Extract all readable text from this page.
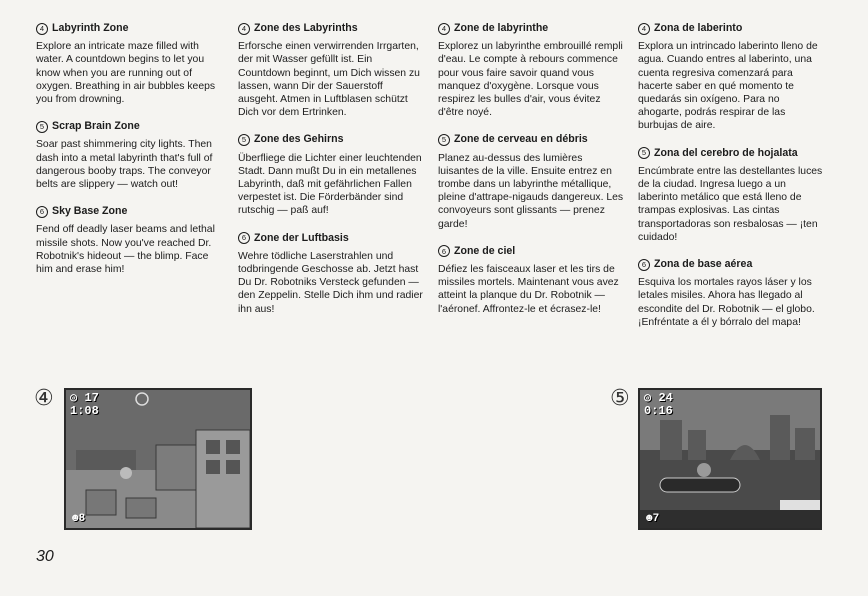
4 Labyrinth Zone

Explore an intricate maze filled with water. A countdown begins to let you know when you are running out of oxygen. Breathing in air bubbles keeps you from drowning.

5 Scrap Brain Zone

Soar past shimmering city lights. Then dash into a metal labyrinth that's full of dangerous booby traps. The conveyor belts are slippery — watch out!

6 Sky Base Zone

Fend off deadly laser beams and lethal missile shots. Now you've reached Dr. Robotnik's hideout — the blimp. Face him and erase him!

4 Zone des Labyrinths

Erforsche einen verwirrenden Irrgarten, der mit Wasser gefüllt ist. Ein Countdown beginnt, um Dich wissen zu lassen, wann Dir der Sauerstoff ausgeht. Atmen in Luftblasen schützt Dich vor dem Ertrinken.

5 Zone des Gehirns

Überfliege die Lichter einer leuchtenden Stadt. Dann mußt Du in ein metallenes Labyrinth, daß mit gefährlichen Fallen verpestet ist. Die Förderbänder sind rutschig — paß auf!

6 Zone der Luftbasis

Wehre tödliche Laserstrahlen und todbringende Geschosse ab. Jetzt hast Du Dr. Robotniks Versteck gefunden — den Zeppelin. Stelle Dich ihm und radier ihn aus!

4 Zone de labyrinthe

Explorez un labyrinthe embrouillé rempli d'eau. Le compte à rebours commence pour vous faire savoir quand vous manquez d'oxygène. Lorsque vous respirez les bulles d'air, vous évitez d'être noyé.

5 Zone de cerveau en débris

Planez au-dessus des lumières luisantes de la ville. Ensuite entrez en trombe dans un labyrinthe métallique, pleine d'attrape-nigauds dangereux. Les convoyeurs sont glissants — prenez garde!

6 Zone de ciel

Défiez les faisceaux laser et les tirs de missiles mortels. Maintenant vous avez atteint la planque du Dr. Robotnik — l'aéronef. Affrontez-le et écrasez-le!

4 Zona de laberinto

Explora un intrincado laberinto lleno de agua. Cuando entres al laberinto, una cuenta regresiva comenzará para hacerte saber en qué momento te quedarás sin oxígeno. Para no ahogarte, podrás respirar de las burbujas de aire.

5 Zona del cerebro de hojalata

Encúmbrate entre las destellantes luces de la ciudad. Ingresa luego a un laberinto metálico que está lleno de trampas explosivas. Las cintas transportadoras son resbalosas — ¡ten cuidado!

6 Zona de base aérea

Esquiva los mortales rayos láser y los letales misiles. Ahora has llegado al escondite del Dr. Robotnik — el globo. ¡Enfréntate a él y bórralo del mapa!

④ ◎ 17
1:08
☻8
⑤ ◎ 24
0:16
☻7
30
